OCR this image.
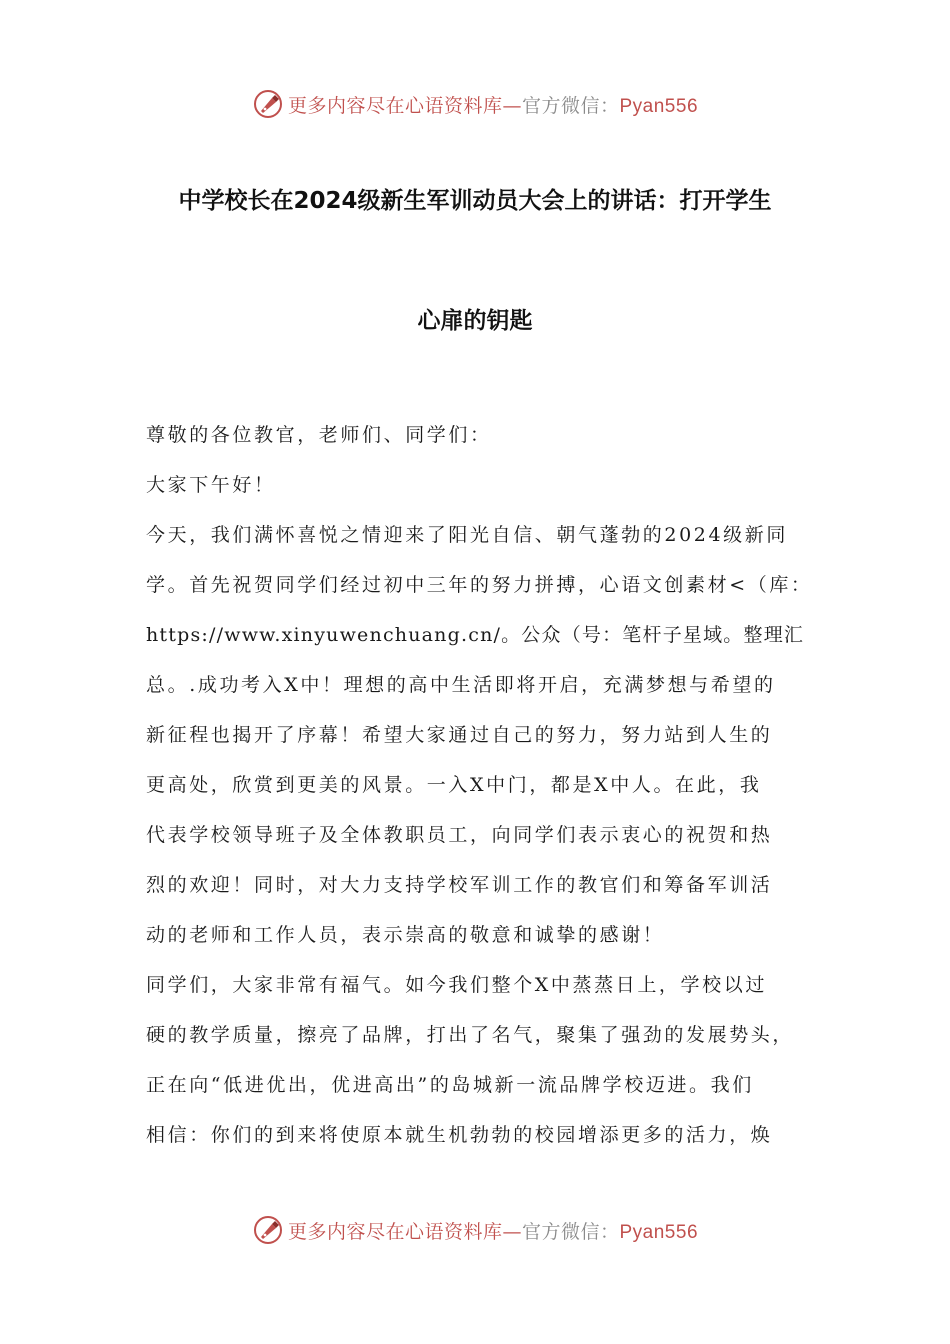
更多内容尽在心语资料库—官方微信：Pyan556
中学校长在2024级新生军训动员大会上的讲话：打开学生
心扉的钥匙
尊敬的各位教官，老师们、同学们：
大家下午好！
今天，我们满怀喜悦之情迎来了阳光自信、朝气蓬勃的2024级新同
学。首先祝贺同学们经过初中三年的努力拼搏，心语文创素材<（库：
https://www.xinyuwenchuang.cn/。公众（号：笔杆子星域。整理汇
总。.成功考入X中！理想的高中生活即将开启，充满梦想与希望的
新征程也揭开了序幕！希望大家通过自己的努力，努力站到人生的
更高处，欣赏到更美的风景。一入X中门，都是X中人。在此，我
代表学校领导班子及全体教职员工，向同学们表示衷心的祝贺和热
烈的欢迎！同时，对大力支持学校军训工作的教官们和筹备军训活
动的老师和工作人员，表示崇高的敬意和诚挚的感谢！
同学们，大家非常有福气。如今我们整个X中蒸蒸日上，学校以过
硬的教学质量，擦亮了品牌，打出了名气，聚集了强劲的发展势头，
正在向“低进优出，优进高出”的岛城新一流品牌学校迈进。我们
相信：你们的到来将使原本就生机勃勃的校园增添更多的活力，焕
更多内容尽在心语资料库—官方微信：Pyan556
